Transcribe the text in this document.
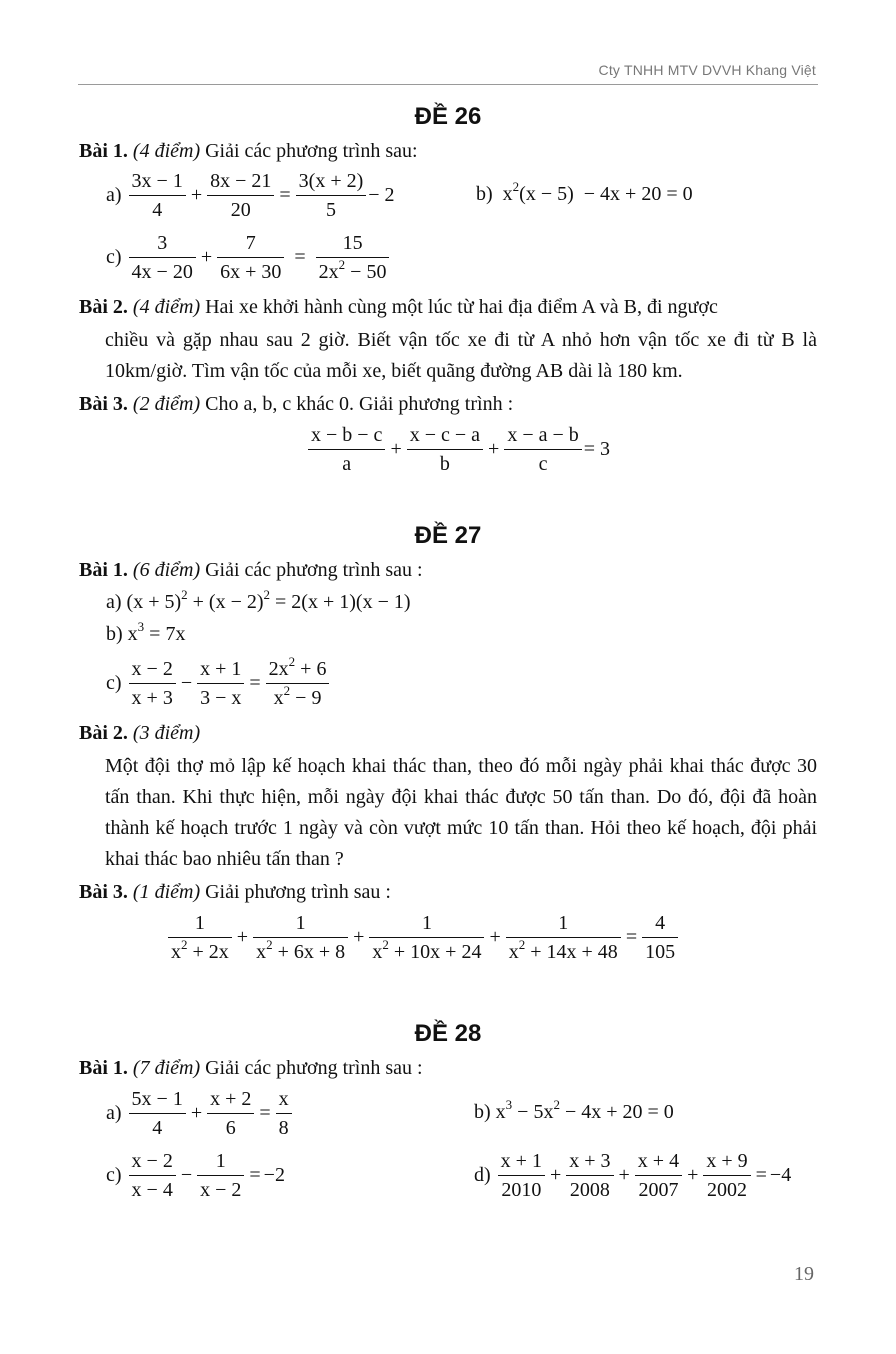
Cty TNHH MTV DVVH Khang Việt
ĐỀ 26
Bài 1. (4 điểm) Giải các phương trình sau:
$a) \frac{3x - 1}{4} + \frac{8x - 21}{20} = \frac{3(x + 2)}{5} - 2$	b)  $x^2(x - 5) - 4x + 20 = 0$
$c) \frac{3}{4x - 20} + \frac{7}{6x + 30} = \frac{15}{2x^2 - 50}$
Bài 2. (4 điểm) Hai xe khởi hành cùng một lúc từ hai địa điểm A và B, đi ngược
chiều và gặp nhau sau 2 giờ. Biết vận tốc xe đi từ A nhỏ hơn vận tốc xe đi từ B là 10km/giờ. Tìm vận tốc của mỗi xe, biết quãng đường AB dài là 180 km.
Bài 3. (2 điểm) Cho a, b, c khác 0. Giải phương trình :
$\frac{x - b - c}{a} + \frac{x - c - a}{b} + \frac{x - a - b}{c} = 3$
ĐỀ 27
Bài 1. (6 điểm) Giải các phương trình sau :
a) $(x + 5)^2 + (x - 2)^2 = 2(x + 1)(x - 1)$
b) $x^3 = 7x$
$c) \frac{x - 2}{x + 3} - \frac{x + 1}{3 - x} = \frac{2x^2 + 6}{x^2 - 9}$
Bài 2. (3 điểm)
Một đội thợ mỏ lập kế hoạch khai thác than, theo đó mỗi ngày phải khai thác được 30 tấn than. Khi thực hiện, mỗi ngày đội khai thác được 50 tấn than. Do đó, đội đã hoàn thành kế hoạch trước 1 ngày và còn vượt mức 10 tấn than. Hỏi theo kế hoạch, đội phải khai thác bao nhiêu tấn than ?
Bài 3. (1 điểm) Giải phương trình sau :
$\frac{1}{x^2 + 2x} + \frac{1}{x^2 + 6x + 8} + \frac{1}{x^2 + 10x + 24} + \frac{1}{x^2 + 14x + 48} = \frac{4}{105}$
ĐỀ 28
Bài 1. (7 điểm) Giải các phương trình sau :
$a) \frac{5x - 1}{4} + \frac{x + 2}{6} = \frac{x}{8}$	b) $x^3 - 5x^2 - 4x + 20 = 0$
$c) \frac{x - 2}{x - 4} - \frac{1}{x - 2} = -2$	$d) \frac{x + 1}{2010} + \frac{x + 3}{2008} + \frac{x + 4}{2007} + \frac{x + 9}{2002} = -4$
19
